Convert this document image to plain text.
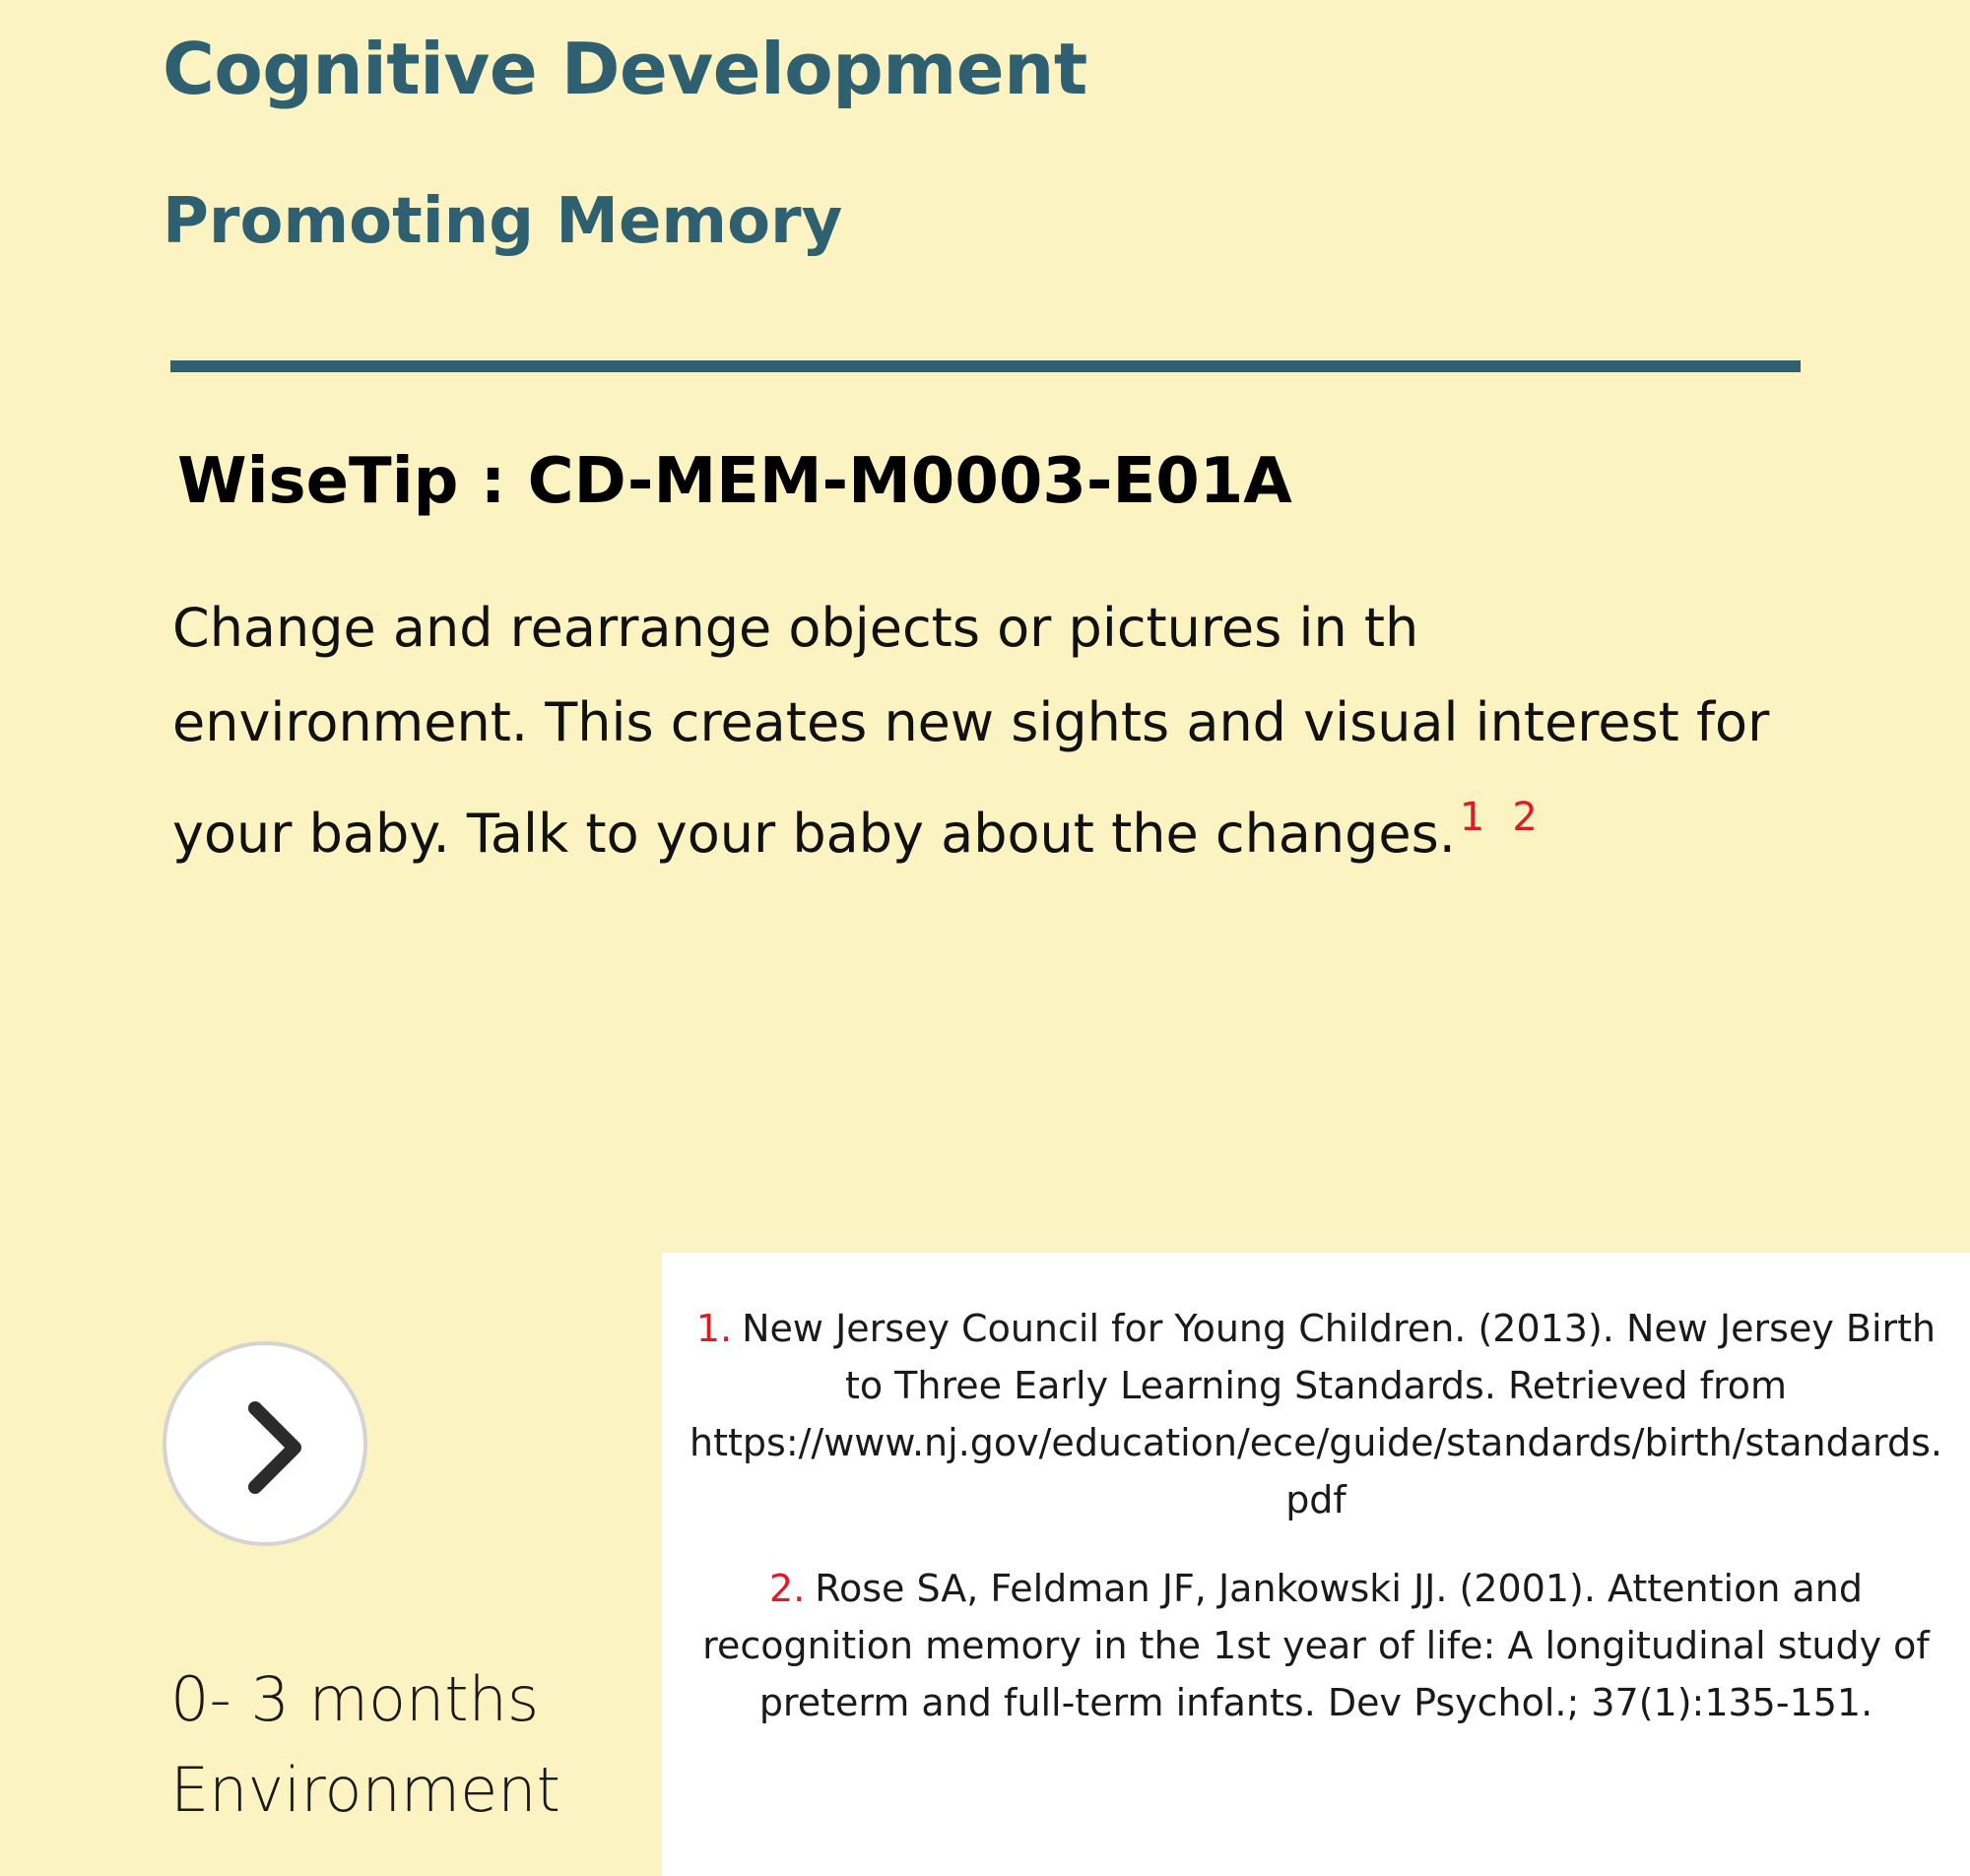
Cognitive Development
Promoting Memory
WiseTip : CD-MEM-M0003-E01A

Change and rearrange objects or pictures in th
environment. This creates new sights and visual interest for
your baby. Talk to your baby about the changes. $^1$ $^2$

0- 3 months
Environment

1. New Jersey Council for Young Children. (2013). New Jersey Birth to Three Early Learning Standards. Retrieved from https://www.nj.gov/education/ece/guide/standards/birth/standards.pdf

2. Rose SA, Feldman JF, Jankowski JJ. (2001). Attention and recognition memory in the 1st year of life: A longitudinal study of preterm and full-term infants. Dev Psychol.; 37(1):135-151.
